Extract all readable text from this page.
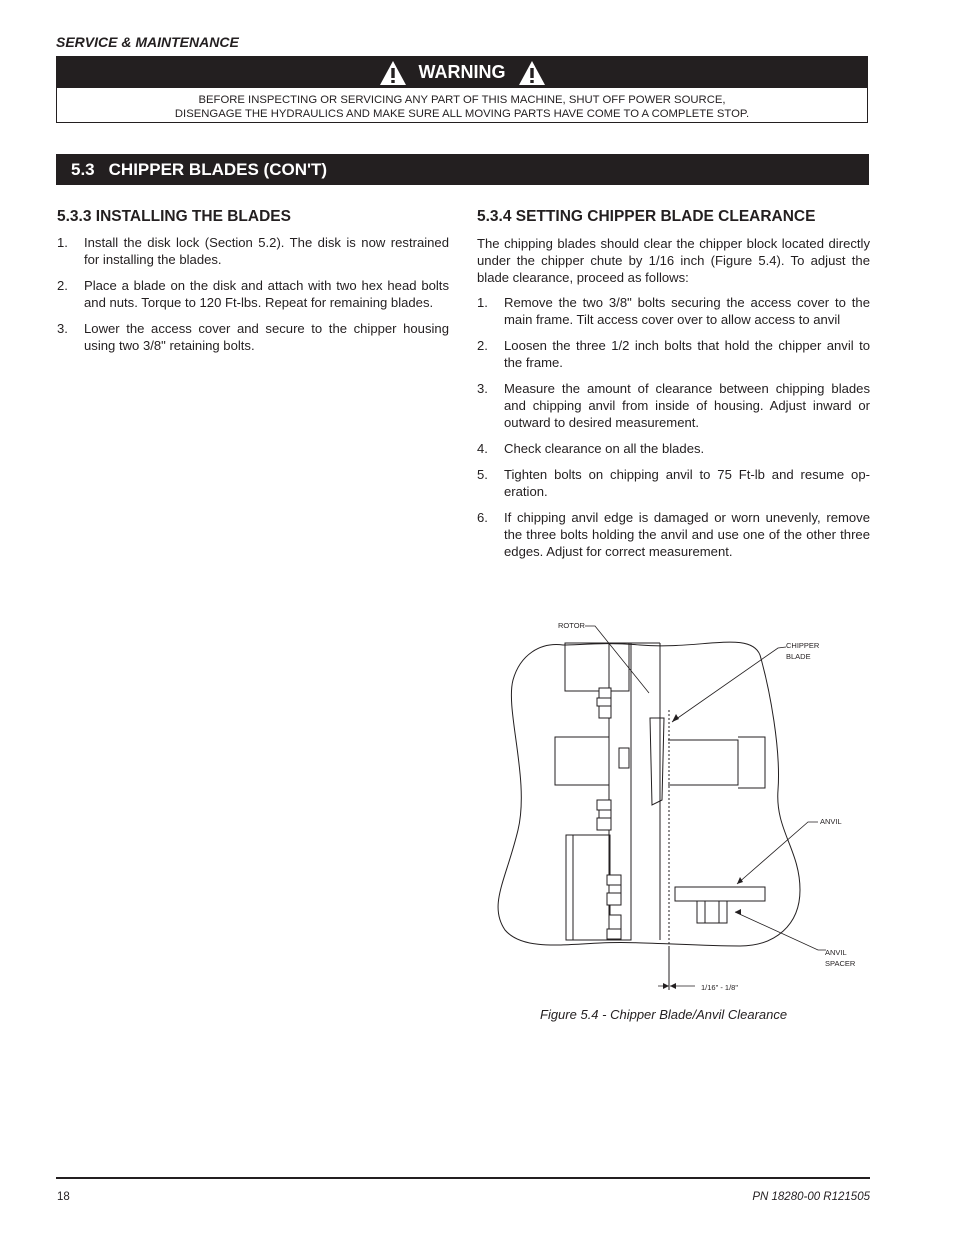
SERVICE & MAINTENANCE
WARNING
BEFORE INSPECTING OR SERVICING ANY PART OF THIS MACHINE, SHUT OFF POWER SOURCE,
DISENGAGE THE HYDRAULICS AND MAKE SURE ALL MOVING PARTS HAVE COME TO A COMPLETE STOP.
5.3 CHIPPER BLADES (CON'T)
5.3.3 INSTALLING THE BLADES
1. Install the disk lock (Section 5.2). The disk is now restrained for installing the blades.
2. Place a blade on the disk and attach with two hex head bolts and nuts. Torque to 120 Ft-lbs. Repeat for remaining blades.
3. Lower the access cover and secure to the chipper housing using two 3/8" retaining bolts.
5.3.4 SETTING CHIPPER BLADE CLEARANCE
The chipping blades should clear the chipper block located directly under the chipper chute by 1/16 inch (Figure 5.4). To adjust the blade clearance, proceed as follows:
1. Remove the two 3/8" bolts securing the access cover to the main frame. Tilt access cover over to allow access to anvil
2. Loosen the three 1/2 inch bolts that hold the chipper anvil to the frame.
3. Measure the amount of clearance between chipping blades and chipping anvil from inside of housing. Adjust inward or outward to desired measurement.
4. Check clearance on all the blades.
5. Tighten bolts on chipping anvil to 75 Ft-lb and resume op-eration.
6. If chipping anvil edge is damaged or worn unevenly, remove the three bolts holding the anvil and use one of the other three edges. Adjust for correct measurement.
ROTOR
CHIPPER
BLADE
ANVIL
ANVIL
SPACER
1/16" - 1/8"
Figure 5.4 - Chipper Blade/Anvil Clearance
18	PN 18280-00 R121505
